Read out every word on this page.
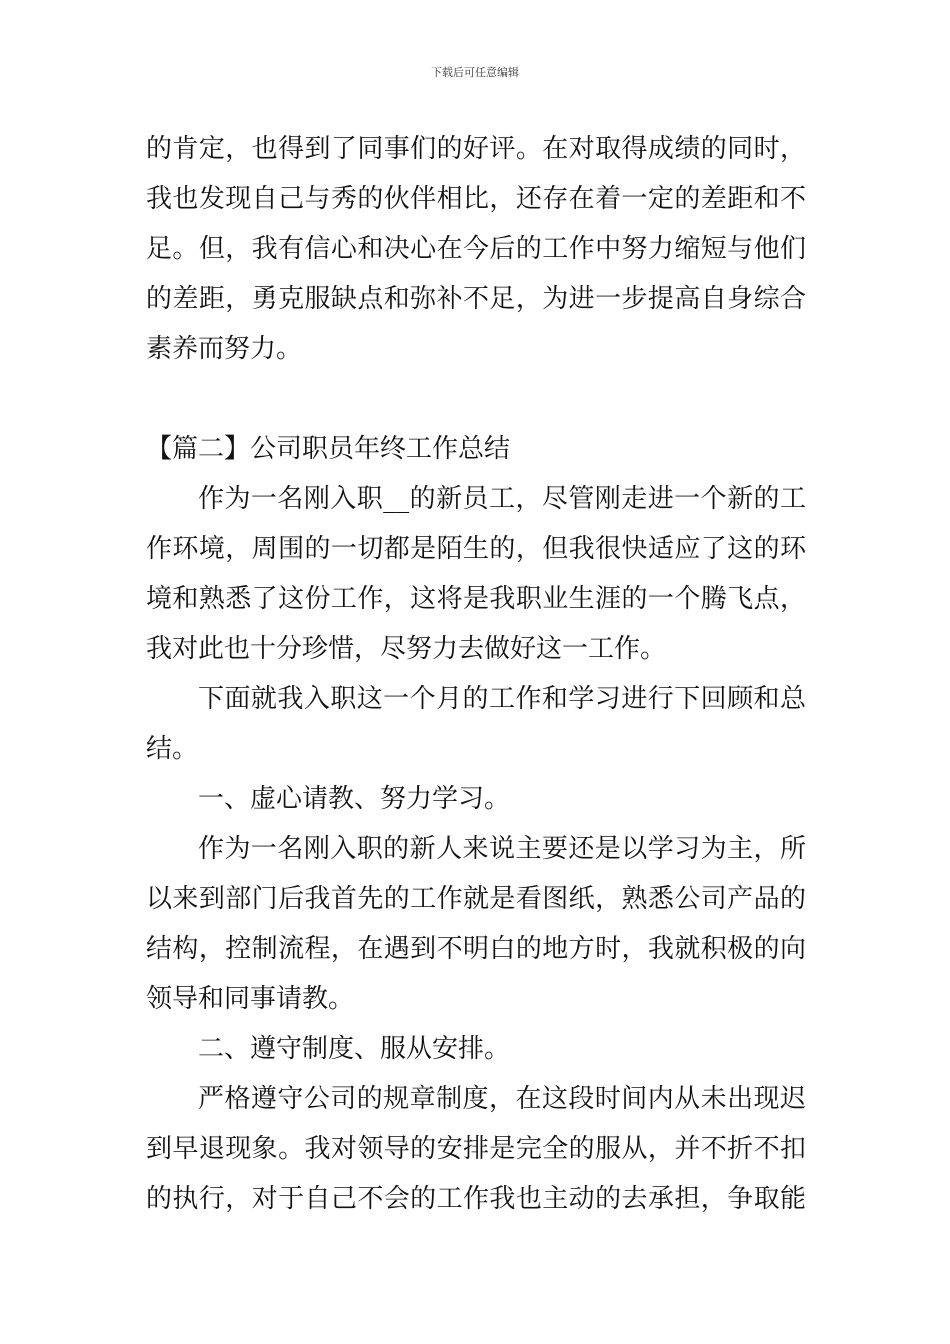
下载后可任意编辑
的肯定，也得到了同事们的好评。在对取得成绩的同时，
我也发现自己与秀的伙伴相比，还存在着一定的差距和不
足。但，我有信心和决心在今后的工作中努力缩短与他们
的差距，勇克服缺点和弥补不足，为进一步提高自身综合
素养而努力。
【篇二】公司职员年终工作总结
作为一名刚入职__的新员工，尽管刚走进一个新的工
作环境，周围的一切都是陌生的，但我很快适应了这的环
境和熟悉了这份工作，这将是我职业生涯的一个腾飞点，
我对此也十分珍惜，尽努力去做好这一工作。
下面就我入职这一个月的工作和学习进行下回顾和总
结。
一、虚心请教、努力学习。
作为一名刚入职的新人来说主要还是以学习为主，所
以来到部门后我首先的工作就是看图纸，熟悉公司产品的
结构，控制流程，在遇到不明白的地方时，我就积极的向
领导和同事请教。
二、遵守制度、服从安排。
严格遵守公司的规章制度，在这段时间内从未出现迟
到早退现象。我对领导的安排是完全的服从，并不折不扣
的执行，对于自己不会的工作我也主动的去承担，争取能
